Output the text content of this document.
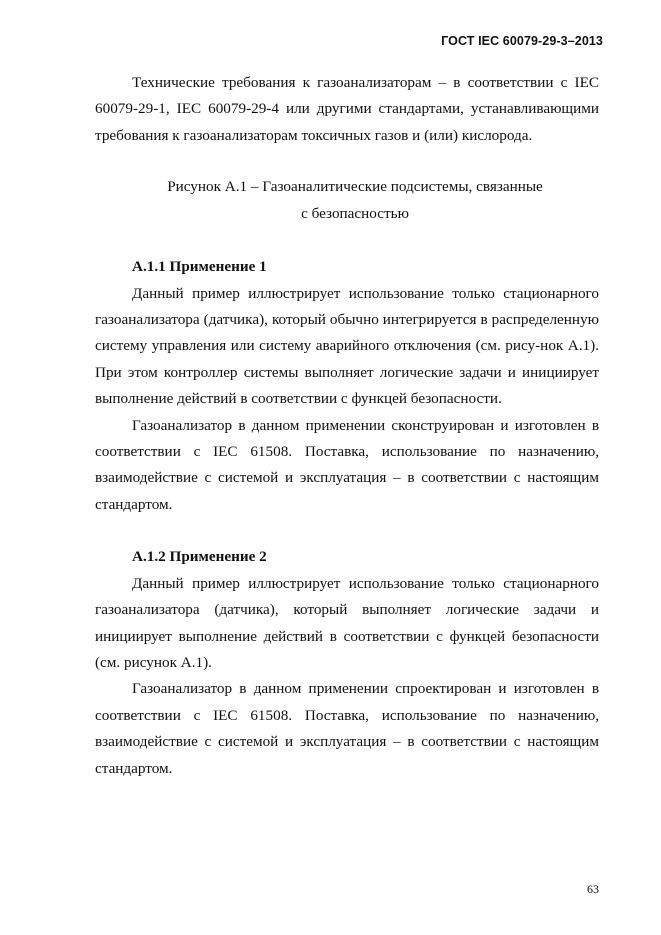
ГОСТ IEC 60079-29-3–2013

Технические требования к газоанализаторам – в соответствии с IEC 60079-29-1, IEC 60079-29-4 или другими стандартами, устанавливающими требования к газоанализаторам токсичных газов и (или) кислорода.

Рисунок А.1 – Газоаналитические подсистемы, связанные
с безопасностью

А.1.1 Применение 1

Данный пример иллюстрирует использование только стационарного газоанализатора (датчика), который обычно интегрируется в распределенную систему управления или систему аварийного отключения (см. рису-нок А.1). При этом контроллер системы выполняет логические задачи и инициирует выполнение действий в соответствии с функцей безопасности.

Газоанализатор в данном применении сконструирован и изготовлен в соответствии с IEC 61508. Поставка, использование по назначению, взаимодействие с системой и эксплуатация – в соответствии с настоящим стандартом.

А.1.2 Применение 2

Данный пример иллюстрирует использование только стационарного газоанализатора (датчика), который выполняет логические задачи и инициирует выполнение действий в соответствии с функцей безопасности (см. рисунок А.1).

Газоанализатор в данном применении спроектирован и изготовлен в соответствии с IEC 61508. Поставка, использование по назначению, взаимодействие с системой и эксплуатация – в соответствии с настоящим стандартом.

63
